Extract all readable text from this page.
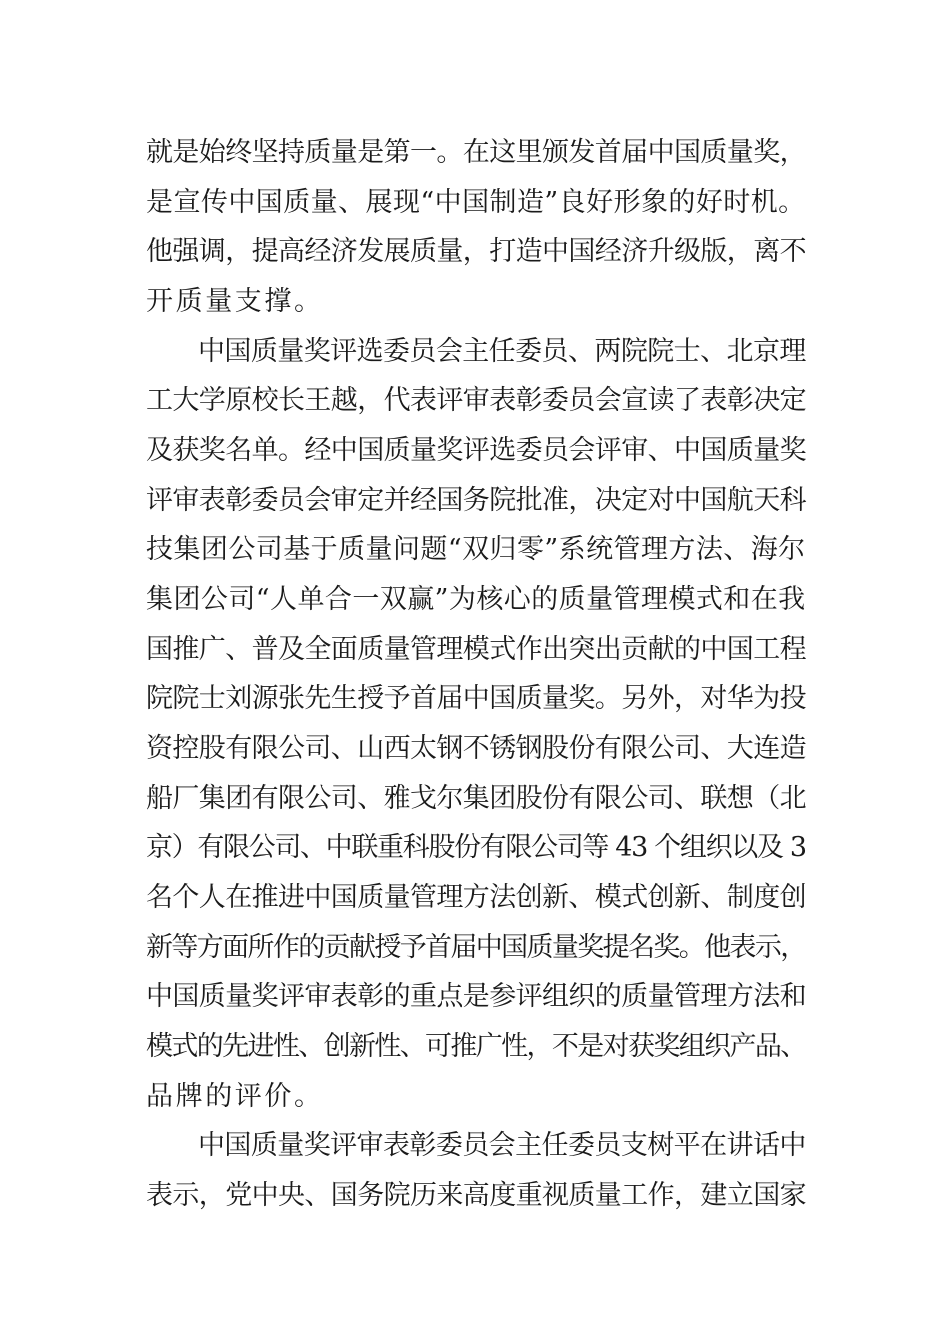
就是始终坚持质量是第一。在这里颁发首届中国质量奖，
是宣传中国质量、展现“中国制造”良好形象的好时机。
他强调，提高经济发展质量，打造中国经济升级版，离不
开质量支撑。
中国质量奖评选委员会主任委员、两院院士、北京理
工大学原校长王越，代表评审表彰委员会宣读了表彰决定
及获奖名单。经中国质量奖评选委员会评审、中国质量奖
评审表彰委员会审定并经国务院批准，决定对中国航天科
技集团公司基于质量问题“双归零”系统管理方法、海尔
集团公司“人单合一双赢”为核心的质量管理模式和在我
国推广、普及全面质量管理模式作出突出贡献的中国工程
院院士刘源张先生授予首届中国质量奖。另外，对华为投
资控股有限公司、山西太钢不锈钢股份有限公司、大连造
船厂集团有限公司、雅戈尔集团股份有限公司、联想（北
京）有限公司、中联重科股份有限公司等 43 个组织以及 3
名个人在推进中国质量管理方法创新、模式创新、制度创
新等方面所作的贡献授予首届中国质量奖提名奖。他表示，
中国质量奖评审表彰的重点是参评组织的质量管理方法和
模式的先进性、创新性、可推广性，不是对获奖组织产品、
品牌的评价。
中国质量奖评审表彰委员会主任委员支树平在讲话中
表示，党中央、国务院历来高度重视质量工作，建立国家
